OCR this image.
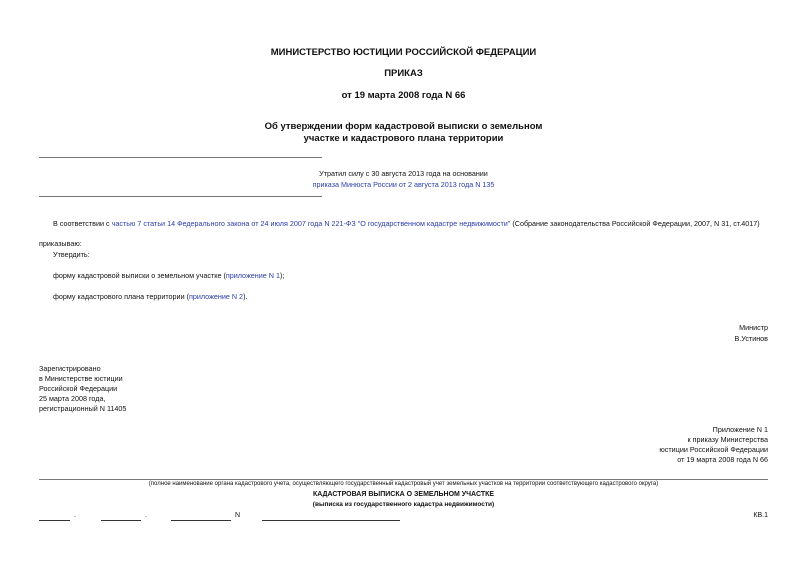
МИНИСТЕРСТВО ЮСТИЦИИ РОССИЙСКОЙ ФЕДЕРАЦИИ
ПРИКАЗ
от 19 марта 2008 года N 66
Об утверждении форм кадастровой выписки о земельном
участке и кадастрового плана территории
Утратил силу с 30 августа 2013 года на основании
приказа Минюста России от 2 августа 2013 года N 135
В соответствии с частью 7 статьи 14 Федерального закона от 24 июля 2007 года N 221-ФЗ "О государственном кадастре недвижимости" (Собрание законодательства Российской Федерации, 2007, N 31, ст.4017)
приказываю:
Утвердить:
форму кадастровой выписки о земельном участке (приложение N 1);
форму кадастрового плана территории (приложение N 2).
Министр
В.Устинов
Зарегистрировано
в Министерстве юстиции
Российской Федерации
25 марта 2008 года,
регистрационный N 11405
Приложение N 1
к приказу Министерства
юстиции Российской Федерации
от 19 марта 2008 года N 66
(полное наименование органа кадастрового учета, осуществляющего государственный кадастровый учет земельных участков на территории соответствующего кадастрового округа)
КАДАСТРОВАЯ ВЫПИСКА О ЗЕМЕЛЬНОМ УЧАСТКЕ
(выписка из государственного кадастра недвижимости)
.	.	N	КВ.1
